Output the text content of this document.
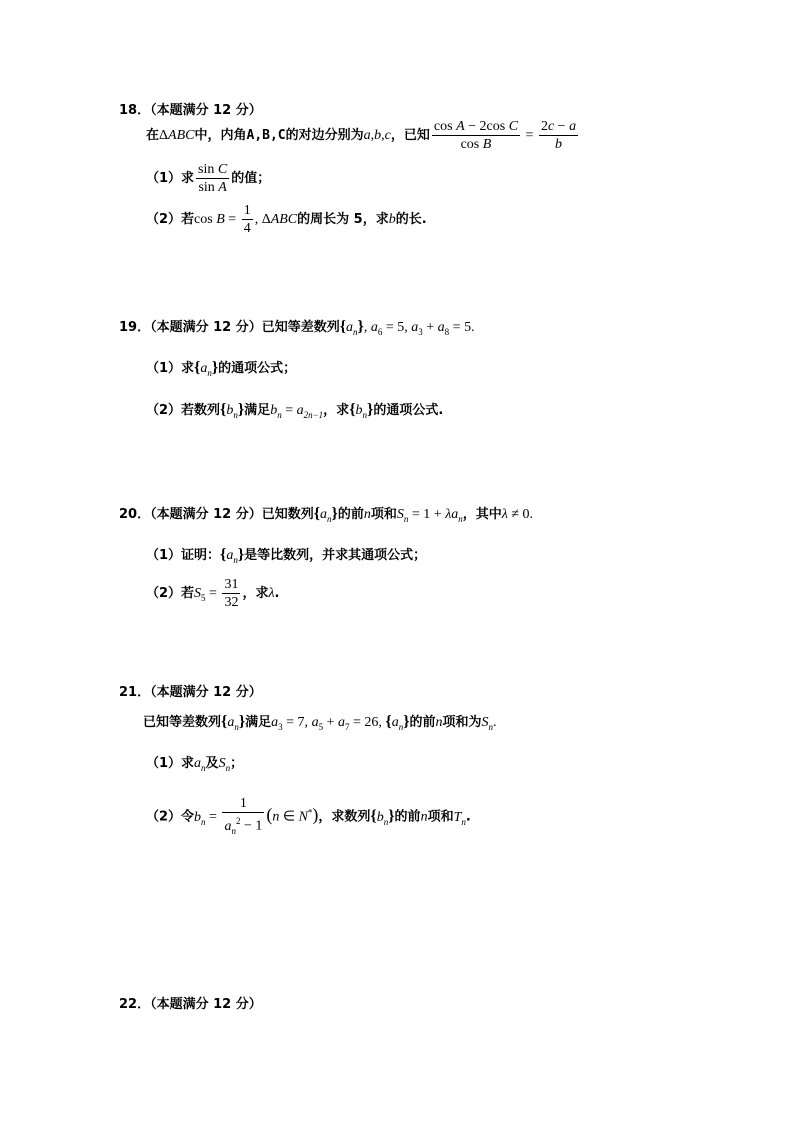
18．（本题满分 12 分）
在ΔABC中，内角A,B,C的对边分别为a,b,c，已知 $\frac{\text{cos A − 2cos C}}{\text{cos B}} = \frac{2c - a}{b}$
（1）求 $\frac{\text{sin C}}{\text{sin A}}$ 的值；
（2）若$\cos B = \frac{1}{4}$ , ΔABC的周长为 5，求b的长.
19．（本题满分 12 分）已知等差数列$\{a_n\}$, $a_6 = 5$, $a_3 + a_8 = 5$.
（1）求$\{a_n\}$的通项公式；
（2）若数列$\{b_n\}$满足$b_n = a_{2n-1}$，求$\{b_n\}$的通项公式.
20．（本题满分 12 分）已知数列$\{a_n\}$的前n项和$S_n = 1 + \lambda a_n$，其中λ ≠ 0.
（1）证明：$\{a_n\}$是等比数列，并求其通项公式；
（2）若$S_5 = \frac{31}{32}$ ，求λ.
21．（本题满分 12 分）
已知等差数列$\{a_n\}$满足$a_3 = 7$, $a_5 + a_7 = 26$, $\{a_n\}$的前n项和为$S_n$.
（1）求$a_n$及$S_n$；
（2）令$b_n = \frac{1}{a_n^2 - 1} (n$ ∈ N*)，求数列$\{b_n\}$的前n项和$T_n$.
22．（本题满分 12 分）
